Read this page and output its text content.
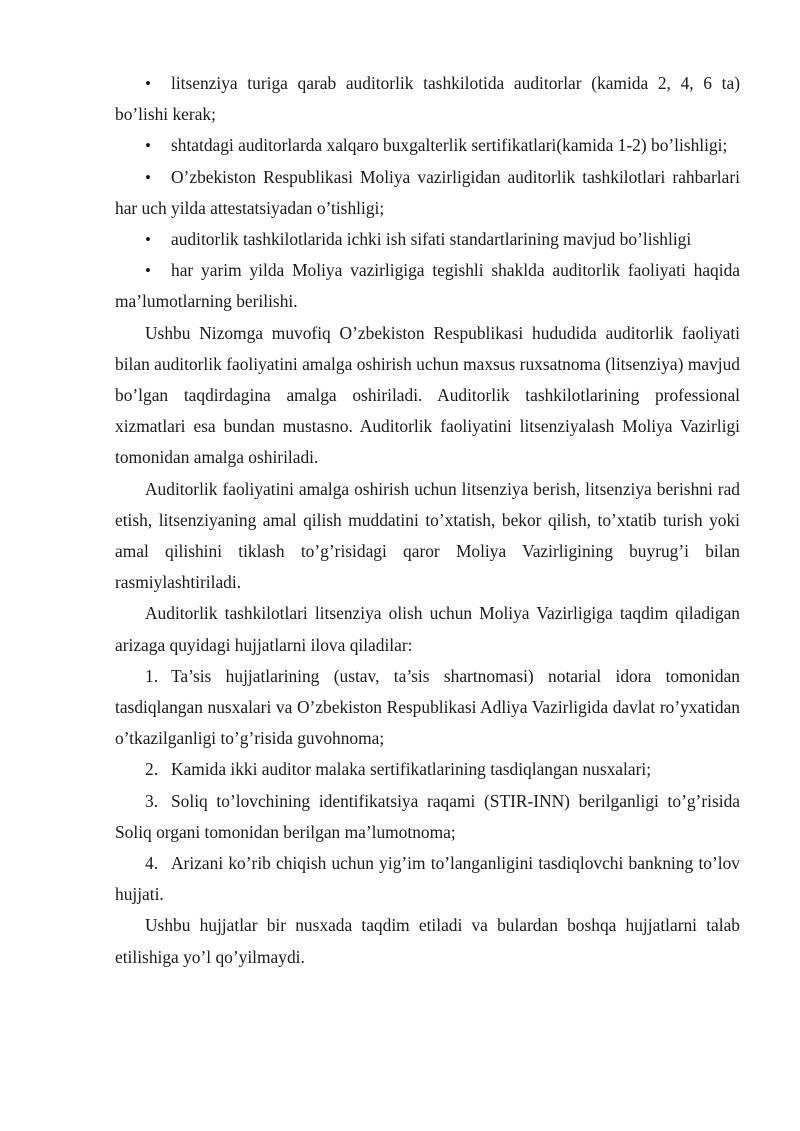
• litsenziya turiga qarab auditorlik tashkilotida auditorlar (kamida 2, 4, 6 ta) bo’lishi kerak;

• shtatdagi auditorlarda xalqaro buxgalterlik sertifikatlari(kamida 1-2) bo’lishligi;

• O’zbekiston Respublikasi Moliya vazirligidan auditorlik tashkilotlari rahbarlari har uch yilda attestatsiyadan o’tishligi;

• auditorlik tashkilotlarida ichki ish sifati standartlarining mavjud bo’lishligi

• har yarim yilda Moliya vazirligiga tegishli shaklda auditorlik faoliyati haqida ma’lumotlarning berilishi.

Ushbu Nizomga muvofiq O’zbekiston Respublikasi hududida auditorlik faoliyati bilan auditorlik faoliyatini amalga oshirish uchun maxsus ruxsatnoma (litsenziya) mavjud bo’lgan taqdirdagina amalga oshiriladi. Auditorlik tashkilotlarining professional xizmatlari esa bundan mustasno. Auditorlik faoliyatini litsenziyalash Moliya Vazirligi tomonidan amalga oshiriladi.

Auditorlik faoliyatini amalga oshirish uchun litsenziya berish, litsenziya berishni rad etish, litsenziyaning amal qilish muddatini to’xtatish, bekor qilish, to’xtatib turish yoki amal qilishini tiklash to’g’risidagi qaror Moliya Vazirligining buyrug’i bilan rasmiylashtiriladi.

Auditorlik tashkilotlari litsenziya olish uchun Moliya Vazirligiga taqdim qiladigan arizaga quyidagi hujjatlarni ilova qiladilar:

1. Ta’sis hujjatlarining (ustav, ta’sis shartnomasi) notarial idora tomonidan tasdiqlangan nusxalari va O’zbekiston Respublikasi Adliya Vazirligida davlat ro’yxatidan o’tkazilganligi to’g’risida guvohnoma;

2. Kamida ikki auditor malaka sertifikatlarining tasdiqlangan nusxalari;

3. Soliq to’lovchining identifikatsiya raqami (STIR-INN) berilganligi to’g’risida Soliq organi tomonidan berilgan ma’lumotnoma;

4. Arizani ko’rib chiqish uchun yig’im to’langanligini tasdiqlovchi bankning to’lov hujjati.

Ushbu hujjatlar bir nusxada taqdim etiladi va bulardan boshqa hujjatlarni talab etilishiga yo’l qo’yilmaydi.
